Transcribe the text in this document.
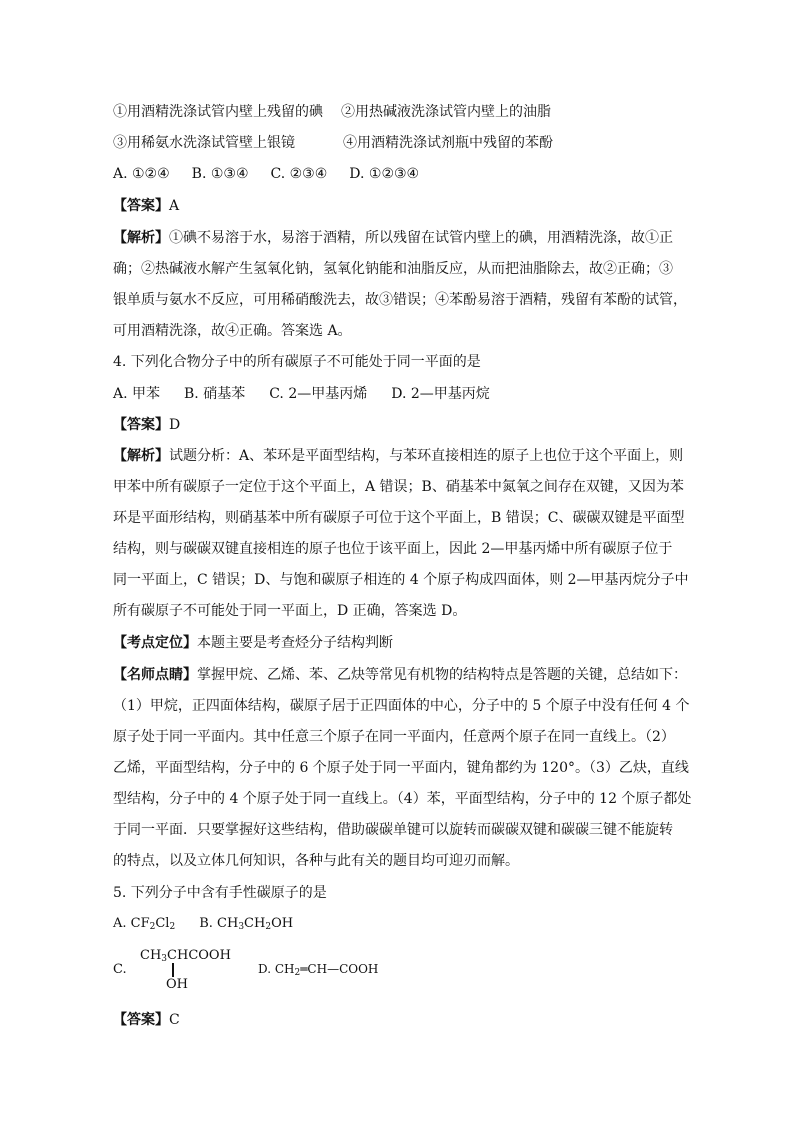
①用酒精洗涤试管内壁上残留的碘 ②用热碱液洗涤试管内壁上的油脂
③用稀氨水洗涤试管壁上银镜	④用酒精洗涤试剂瓶中残留的苯酚
A. ①②④ B. ①③④ C. ②③④ D. ①②③④
【答案】A
【解析】①碘不易溶于水，易溶于酒精，所以残留在试管内壁上的碘，用酒精洗涤，故①正
确；②热碱液水解产生氢氧化钠，氢氧化钠能和油脂反应，从而把油脂除去，故②正确；③
银单质与氨水不反应，可用稀硝酸洗去，故③错误；④苯酚易溶于酒精，残留有苯酚的试管，
可用酒精洗涤，故④正确。答案选 A。
4. 下列化合物分子中的所有碳原子不可能处于同一平面的是
A. 甲苯 B. 硝基苯 C. 2—甲基丙烯 D. 2—甲基丙烷
【答案】D
【解析】试题分析：A、苯环是平面型结构，与苯环直接相连的原子上也位于这个平面上，则
甲苯中所有碳原子一定位于这个平面上，A 错误；B、硝基苯中氮氧之间存在双键，又因为苯
环是平面形结构，则硝基苯中所有碳原子可位于这个平面上，B 错误；C、碳碳双键是平面型
结构，则与碳碳双键直接相连的原子也位于该平面上，因此 2—甲基丙烯中所有碳原子位于
同一平面上，C 错误；D、与饱和碳原子相连的 4 个原子构成四面体，则 2—甲基丙烷分子中
所有碳原子不可能处于同一平面上，D 正确，答案选 D。
【考点定位】本题主要是考查烃分子结构判断
【名师点睛】掌握甲烷、乙烯、苯、乙炔等常见有机物的结构特点是答题的关键，总结如下：
（1）甲烷，正四面体结构，碳原子居于正四面体的中心，分子中的 5 个原子中没有任何 4 个
原子处于同一平面内。其中任意三个原子在同一平面内，任意两个原子在同一直线上。（2）
乙烯，平面型结构，分子中的 6 个原子处于同一平面内，键角都约为 120°。（3）乙炔，直线
型结构，分子中的 4 个原子处于同一直线上。（4）苯，平面型结构，分子中的 12 个原子都处
于同一平面．只要掌握好这些结构，借助碳碳单键可以旋转而碳碳双键和碳碳三键不能旋转
的特点，以及立体几何知识，各种与此有关的题目均可迎刃而解。
5. 下列分子中含有手性碳原子的是
A. $CF_2Cl_2$ B. $CH_3CH_2OH$
C.
$CH_3CHCOOH$
OH
D. $CH_2═CH—COOH$
【答案】C
